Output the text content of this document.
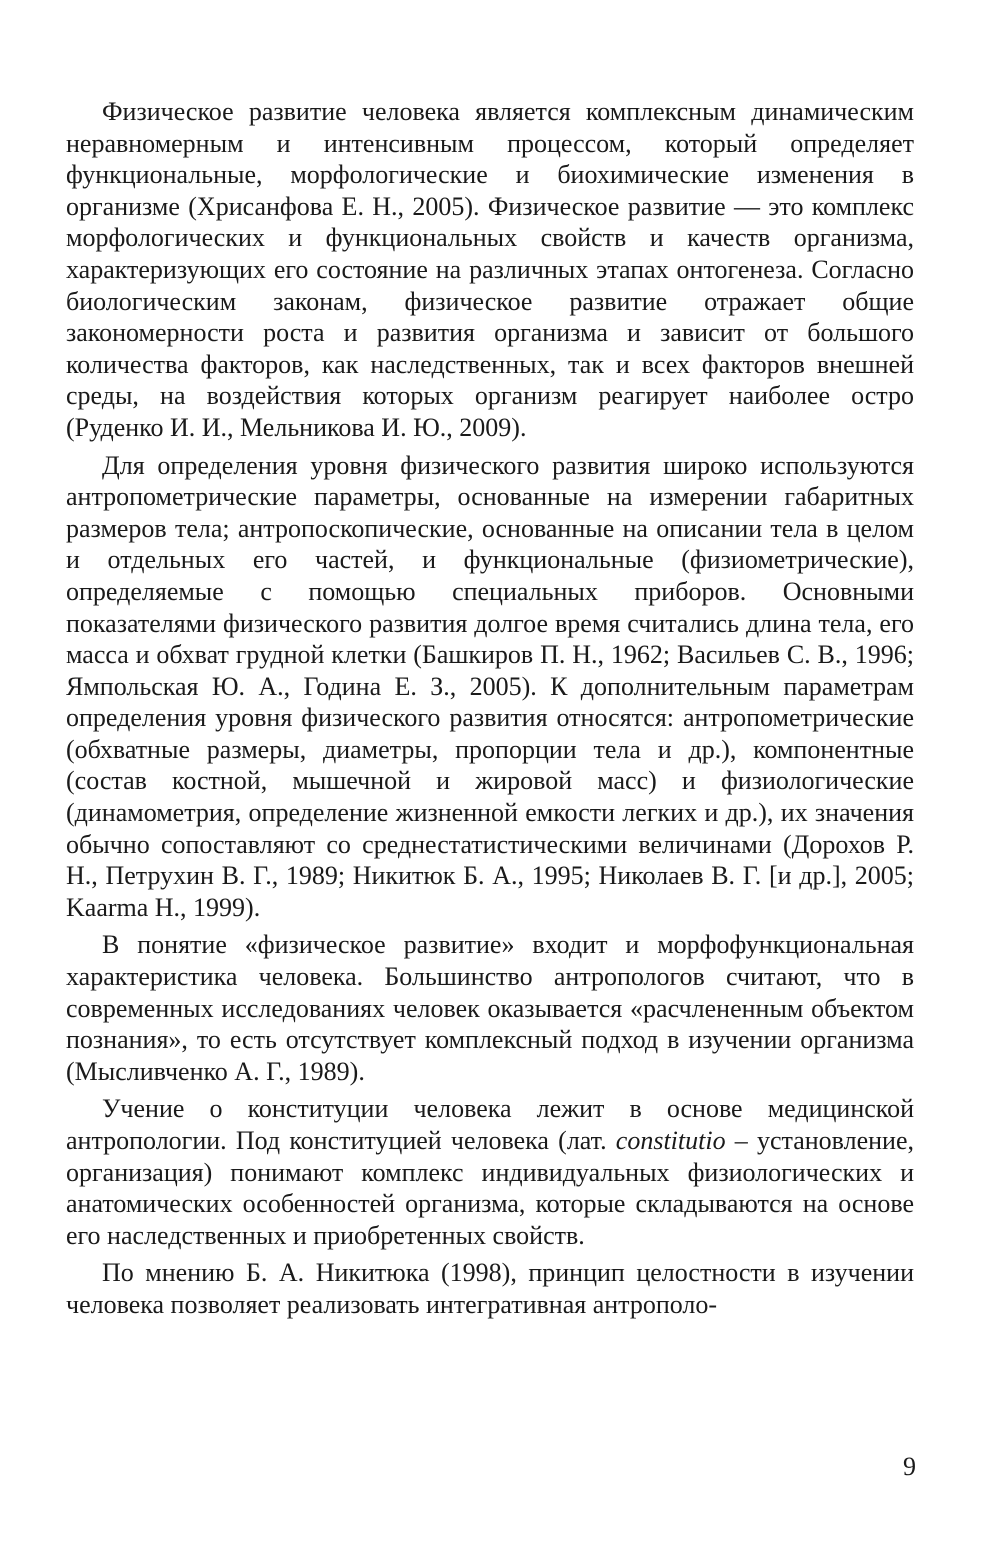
Физическое развитие человека является комплексным динамическим неравномерным и интенсивным процессом, который определяет функциональные, морфологические и биохимические изменения в организме (Хрисанфова Е. Н., 2005). Физическое развитие — это комплекс морфологических и функциональных свойств и качеств организма, характеризующих его состояние на различных этапах онтогенеза. Согласно биологическим законам, физическое развитие отражает общие закономерности роста и развития организма и зависит от большого количества факторов, как наследственных, так и всех факторов внешней среды, на воздействия которых организм реагирует наиболее остро (Руденко И. И., Мельникова И. Ю., 2009).

Для определения уровня физического развития широко используются антропометрические параметры, основанные на измерении габаритных размеров тела; антропоскопические, основанные на описании тела в целом и отдельных его частей, и функциональные (физиометрические), определяемые с помощью специальных приборов. Основными показателями физического развития долгое время считались длина тела, его масса и обхват грудной клетки (Башкиров П. Н., 1962; Васильев С. В., 1996; Ямпольская Ю. А., Година Е. З., 2005). К дополнительным параметрам определения уровня физического развития относятся: антропометрические (обхватные размеры, диаметры, пропорции тела и др.), компонентные (состав костной, мышечной и жировой масс) и физиологические (динамометрия, определение жизненной емкости легких и др.), их значения обычно сопоставляют со среднестатистическими величинами (Дорохов Р. Н., Петрухин В. Г., 1989; Никитюк Б. А., 1995; Николаев В. Г. [и др.], 2005; Kaarma H., 1999).

В понятие «физическое развитие» входит и морфофункциональная характеристика человека. Большинство антропологов считают, что в современных исследованиях человек оказывается «расчлененным объектом познания», то есть отсутствует комплексный подход в изучении организма (Мысливченко А. Г., 1989).

Учение о конституции человека лежит в основе медицинской антропологии. Под конституцией человека (лат. constitutio – установление, организация) понимают комплекс индивидуальных физиологических и анатомических особенностей организма, которые складываются на основе его наследственных и приобретенных свойств.

По мнению Б. А. Никитюка (1998), принцип целостности в изучении человека позволяет реализовать интегративная антрополо-

9
